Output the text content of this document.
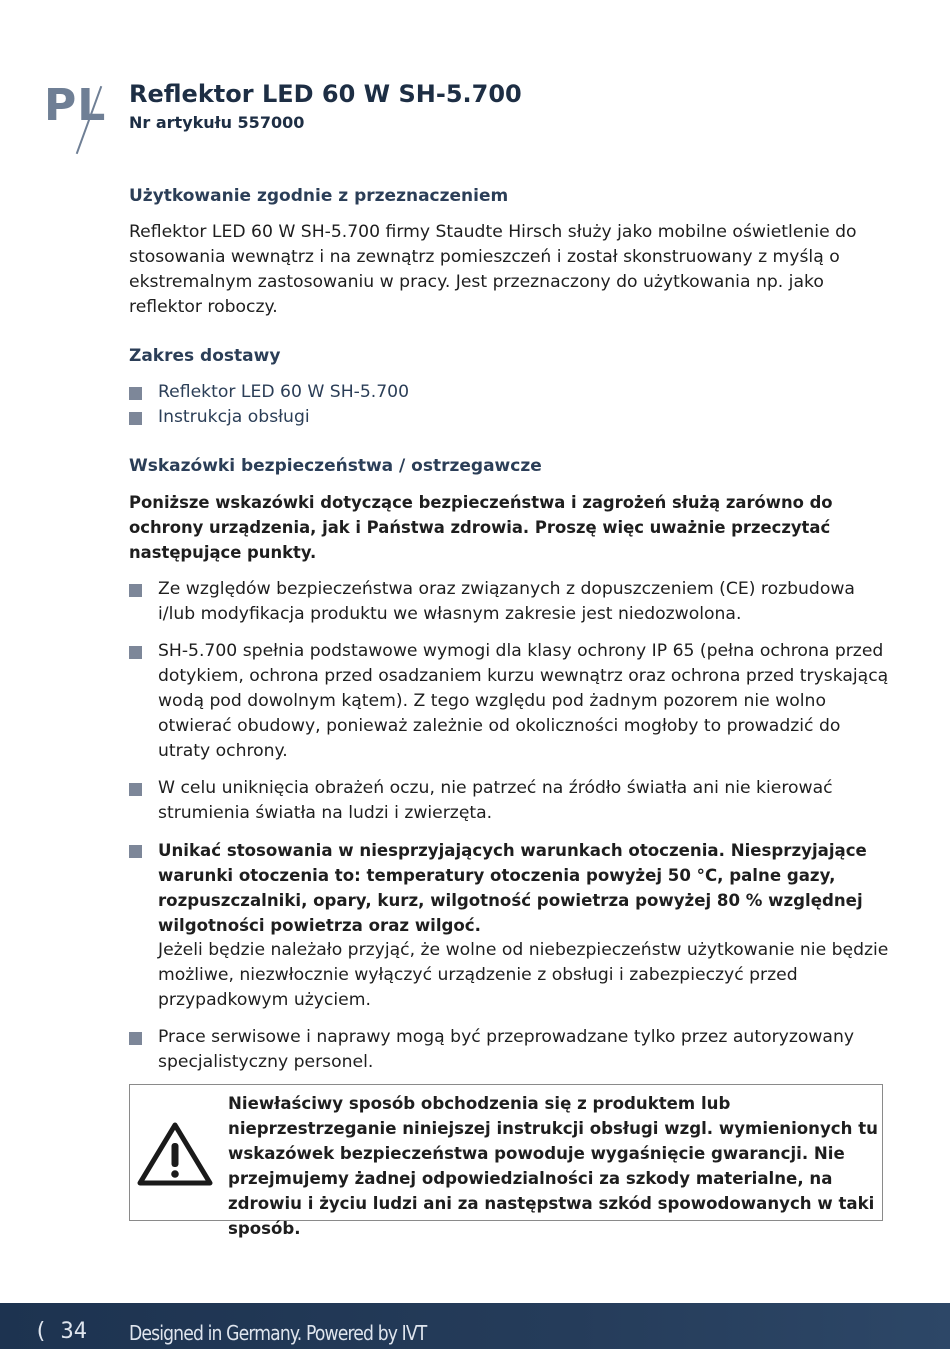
PL Reflektor LED 60 W SH-5.700
Nr artykułu 557000
Użytkowanie zgodnie z przeznaczeniem

Reflektor LED 60 W SH-5.700 firmy Staudte Hirsch służy jako mobilne oświetlenie do stosowania wewnątrz i na zewnątrz pomieszczeń i został skonstruowany z myślą o ekstremalnym zastosowaniu w pracy. Jest przeznaczony do użytkowania np. jako reflektor roboczy.

Zakres dostawy
Reflektor LED 60 W SH-5.700
Instrukcja obsługi
Wskazówki bezpieczeństwa / ostrzegawcze

Poniższe wskazówki dotyczące bezpieczeństwa i zagrożeń służą zarówno do ochrony urządzenia, jak i Państwa zdrowia. Proszę więc uważnie przeczytać następujące punkty.

Ze względów bezpieczeństwa oraz związanych z dopuszczeniem (CE) rozbudowa i/lub modyfikacja produktu we własnym zakresie jest niedozwolona.
SH-5.700 spełnia podstawowe wymogi dla klasy ochrony IP 65 (pełna ochrona przed dotykiem, ochrona przed osadzaniem kurzu wewnątrz oraz ochrona przed tryskającą wodą pod dowolnym kątem). Z tego względu pod żadnym pozorem nie wolno otwierać obudowy, ponieważ zależnie od okoliczności mogłoby to prowadzić do utraty ochrony.
W celu uniknięcia obrażeń oczu, nie patrzeć na źródło światła ani nie kierować strumienia światła na ludzi i zwierzęta.
Unikać stosowania w niesprzyjających warunkach otoczenia. Niesprzyjające warunki otoczenia to: temperatury otoczenia powyżej 50 °C, palne gazy, rozpuszczalniki, opary, kurz, wilgotność powietrza powyżej 80 % względnej wilgotności powietrza oraz wilgoć.
Jeżeli będzie należało przyjąć, że wolne od niebezpieczeństw użytkowanie nie będzie możliwe, niezwłocznie wyłączyć urządzenie z obsługi i zabezpieczyć przed przypadkowym użyciem.
Prace serwisowe i naprawy mogą być przeprowadzane tylko przez autoryzowany specjalistyczny personel.
Niewłaściwy sposób obchodzenia się z produktem lub nieprzestrzeganie niniejszej instrukcji obsługi wzgl. wymienionych tu wskazówek bezpieczeństwa powoduje wygaśnięcie gwarancji. Nie przejmujemy żadnej odpowiedzialności za szkody materialne, na zdrowiu i życiu ludzi ani za następstwa szkód spowodowanych w taki sposób.
( 34 Designed in Germany. Powered by IVT
